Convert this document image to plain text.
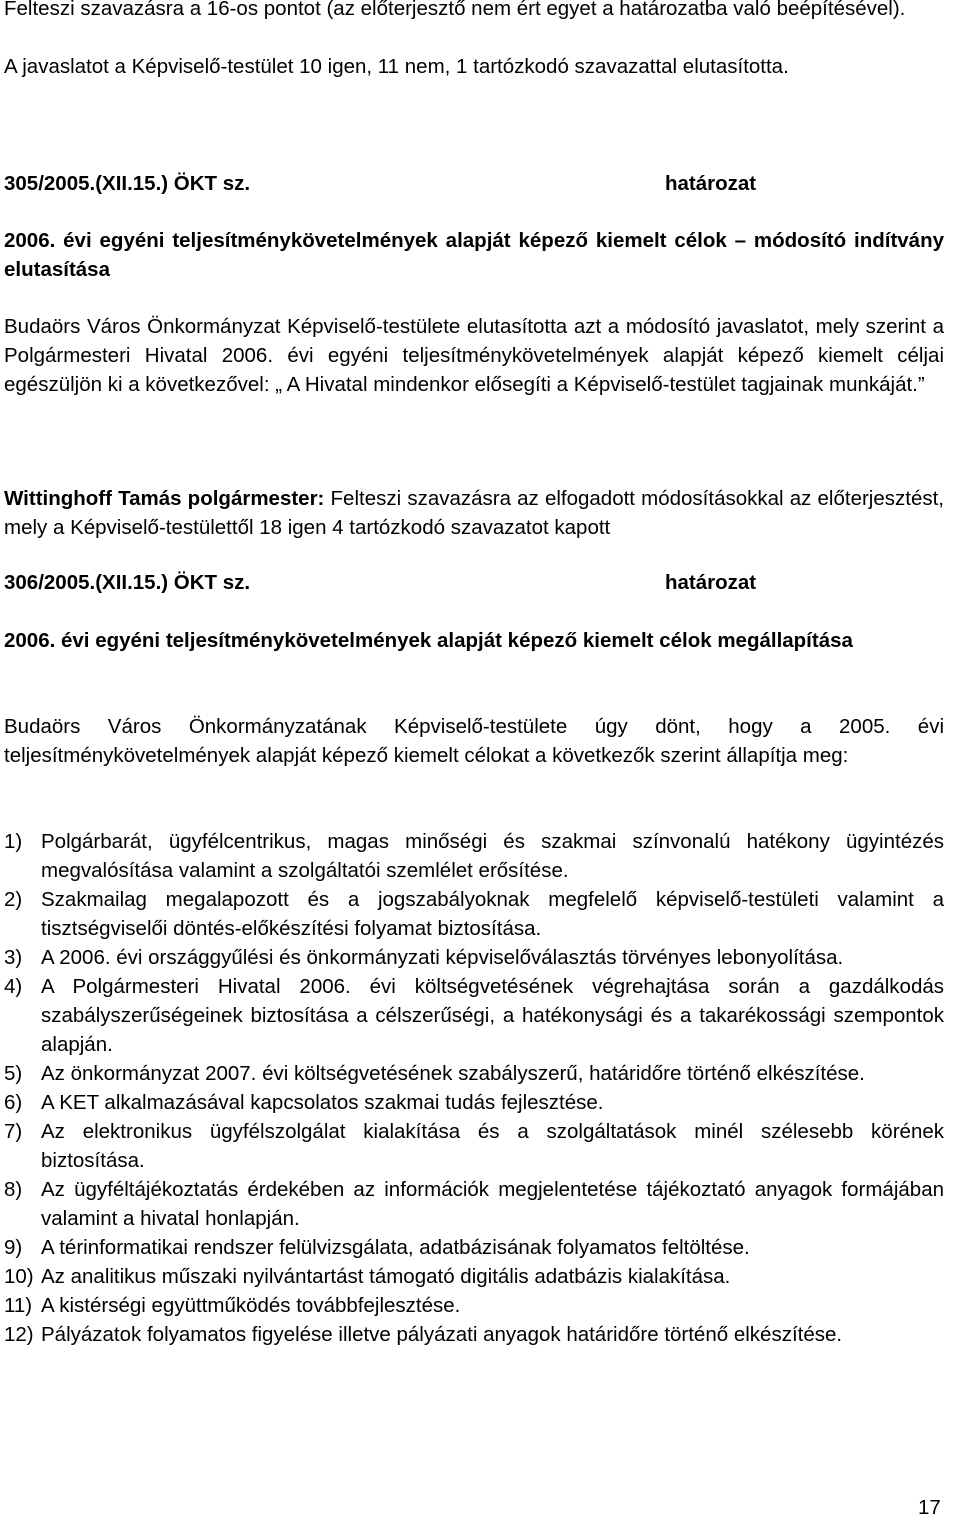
Felteszi szavazásra a 16-os pontot (az előterjesztő nem ért egyet a határozatba való beépítésével).
A javaslatot a Képviselő-testület 10 igen, 11 nem, 1 tartózkodó szavazattal elutasította.
305/2005.(XII.15.) ÖKT sz.	határozat
2006. évi egyéni teljesítménykövetelmények alapját képező kiemelt célok – módosító indítvány elutasítása
Budaörs Város Önkormányzat Képviselő-testülete elutasította azt a módosító javaslatot, mely szerint a Polgármesteri Hivatal 2006. évi egyéni teljesítménykövetelmények alapját képező kiemelt céljai egészüljön ki a következővel: „ A Hivatal mindenkor elősegíti a Képviselő-testület tagjainak munkáját.”
Wittinghoff Tamás polgármester: Felteszi szavazásra az elfogadott módosításokkal az előterjesztést, mely a Képviselő-testülettől 18 igen 4 tartózkodó szavazatot kapott
306/2005.(XII.15.) ÖKT sz.	határozat
2006. évi egyéni teljesítménykövetelmények alapját képező kiemelt célok megállapítása
Budaörs Város Önkormányzatának Képviselő-testülete úgy dönt, hogy a 2005. évi teljesítménykövetelmények alapját képező kiemelt célokat a következők szerint állapítja meg:
1) Polgárbarát, ügyfélcentrikus, magas minőségi és szakmai színvonalú hatékony ügyintézés megvalósítása valamint a szolgáltatói szemlélet erősítése.
2) Szakmailag megalapozott és a jogszabályoknak megfelelő képviselő-testületi valamint a tisztségviselői döntés-előkészítési folyamat biztosítása.
3) A 2006. évi országgyűlési és önkormányzati képviselőválasztás törvényes lebonyolítása.
4) A Polgármesteri Hivatal 2006. évi költségvetésének végrehajtása során a gazdálkodás szabályszerűségeinek biztosítása a célszerűségi, a hatékonysági és a takarékossági szempontok alapján.
5) Az önkormányzat 2007. évi költségvetésének szabályszerű, határidőre történő elkészítése.
6) A KET alkalmazásával kapcsolatos szakmai tudás fejlesztése.
7) Az elektronikus ügyfélszolgálat kialakítása és a szolgáltatások minél szélesebb körének biztosítása.
8) Az ügyféltájékoztatás érdekében az információk megjelentetése tájékoztató anyagok formájában valamint a hivatal honlapján.
9) A térinformatikai rendszer felülvizsgálata, adatbázisának folyamatos feltöltése.
10) Az analitikus műszaki nyilvántartást támogató digitális adatbázis kialakítása.
11) A kistérségi együttműködés továbbfejlesztése.
12) Pályázatok folyamatos figyelése illetve pályázati anyagok határidőre történő elkészítése.
17
